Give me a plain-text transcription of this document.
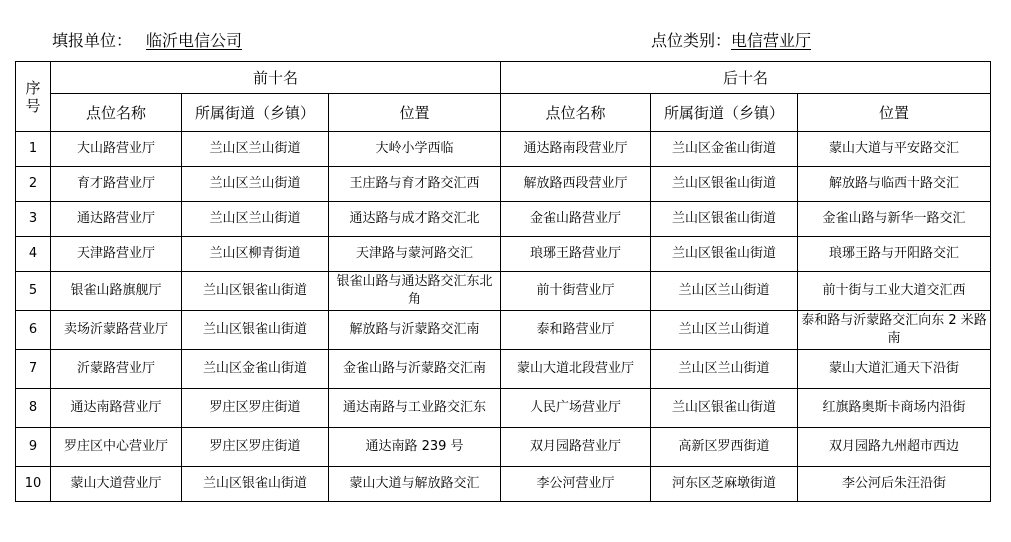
填报单位： 临沂电信公司	点位类别：电信营业厅
序号	前十名			后十名		
	点位名称	所属街道（乡镇）	位置	点位名称	所属街道（乡镇）	位置
1	大山路营业厅	兰山区兰山街道	大岭小学西临	通达路南段营业厅	兰山区金雀山街道	蒙山大道与平安路交汇
2	育才路营业厅	兰山区兰山街道	王庄路与育才路交汇西	解放路西段营业厅	兰山区银雀山街道	解放路与临西十路交汇
3	通达路营业厅	兰山区兰山街道	通达路与成才路交汇北	金雀山路营业厅	兰山区银雀山街道	金雀山路与新华一路交汇
4	天津路营业厅	兰山区柳青街道	天津路与蒙河路交汇	琅琊王路营业厅	兰山区银雀山街道	琅琊王路与开阳路交汇
5	银雀山路旗舰厅	兰山区银雀山街道	银雀山路与通达路交汇东北角	前十街营业厅	兰山区兰山街道	前十街与工业大道交汇西
6	卖场沂蒙路营业厅	兰山区银雀山街道	解放路与沂蒙路交汇南	泰和路营业厅	兰山区兰山街道	泰和路与沂蒙路交汇向东 2 米路南
7	沂蒙路营业厅	兰山区金雀山街道	金雀山路与沂蒙路交汇南	蒙山大道北段营业厅	兰山区兰山街道	蒙山大道汇通天下沿街
8	通达南路营业厅	罗庄区罗庄街道	通达南路与工业路交汇东	人民广场营业厅	兰山区银雀山街道	红旗路奥斯卡商场内沿街
9	罗庄区中心营业厅	罗庄区罗庄街道	通达南路 239 号	双月园路营业厅	高新区罗西街道	双月园路九州超市西边
10	蒙山大道营业厅	兰山区银雀山街道	蒙山大道与解放路交汇	李公河营业厅	河东区芝麻墩街道	李公河后朱汪沿街
